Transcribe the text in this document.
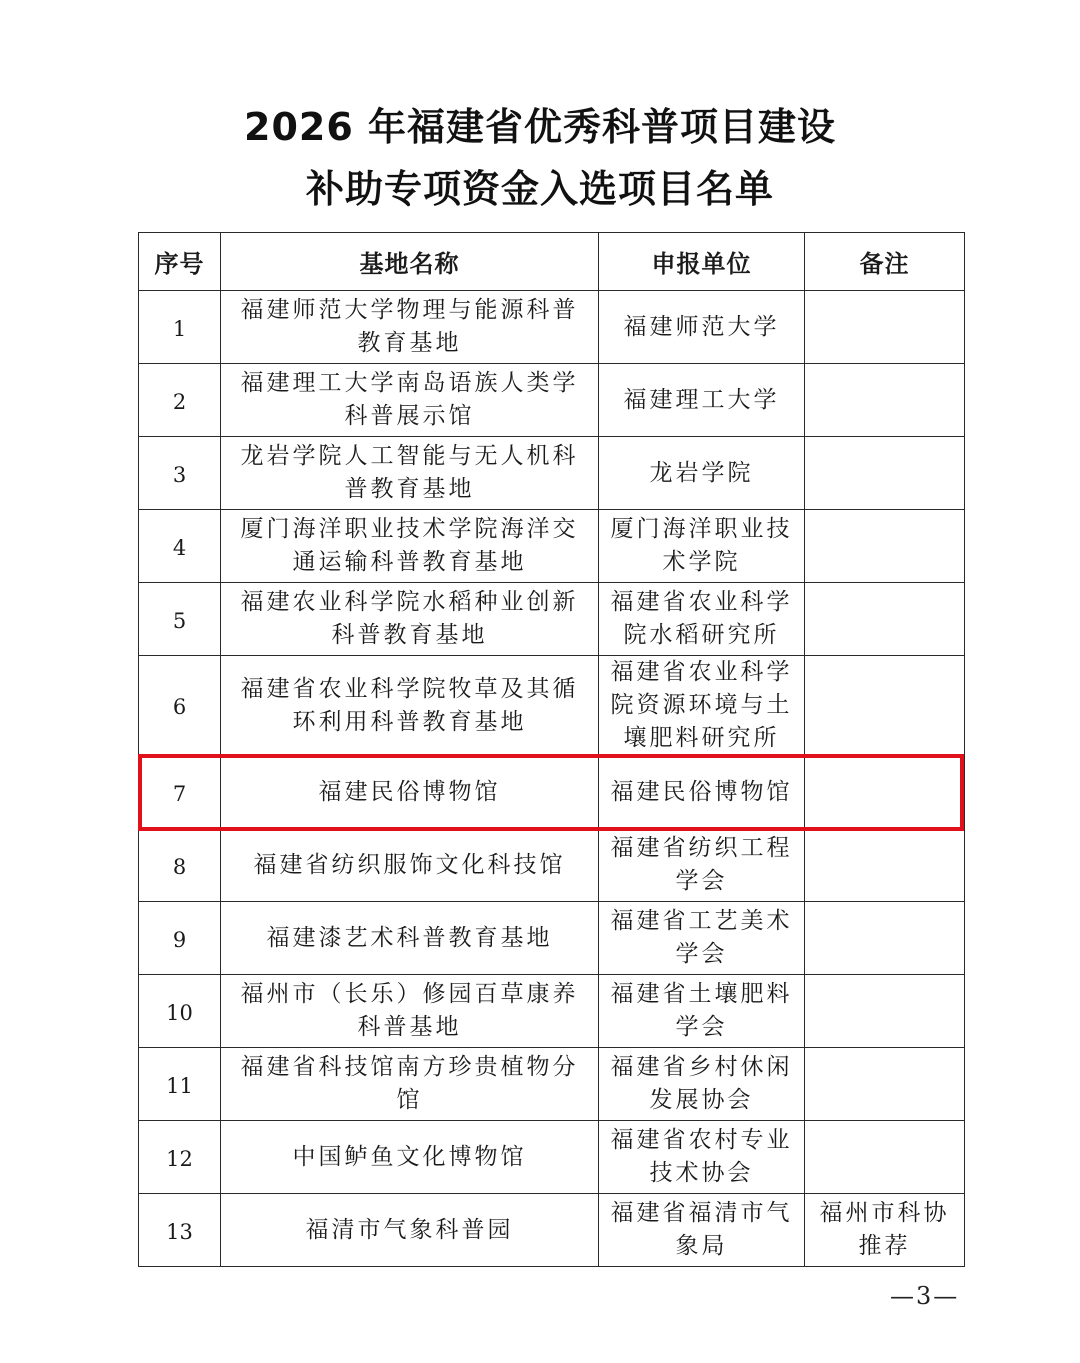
2026 年福建省优秀科普项目建设
补助专项资金入选项目名单
序号	基地名称	申报单位	备注
1	福建师范大学物理与能源科普教育基地	福建师范大学	
2	福建理工大学南岛语族人类学科普展示馆	福建理工大学	
3	龙岩学院人工智能与无人机科普教育基地	龙岩学院	
4	厦门海洋职业技术学院海洋交通运输科普教育基地	厦门海洋职业技术学院	
5	福建农业科学院水稻种业创新科普教育基地	福建省农业科学院水稻研究所	
6	福建省农业科学院牧草及其循环利用科普教育基地	福建省农业科学院资源环境与土壤肥料研究所	
7	福建民俗博物馆	福建民俗博物馆	
8	福建省纺织服饰文化科技馆	福建省纺织工程学会	
9	福建漆艺术科普教育基地	福建省工艺美术学会	
10	福州市（长乐）修园百草康养科普基地	福建省土壤肥料学会	
11	福建省科技馆南方珍贵植物分馆	福建省乡村休闲发展协会	
12	中国鲈鱼文化博物馆	福建省农村专业技术协会	
13	福清市气象科普园	福建省福清市气象局	福州市科协推荐
—3—
